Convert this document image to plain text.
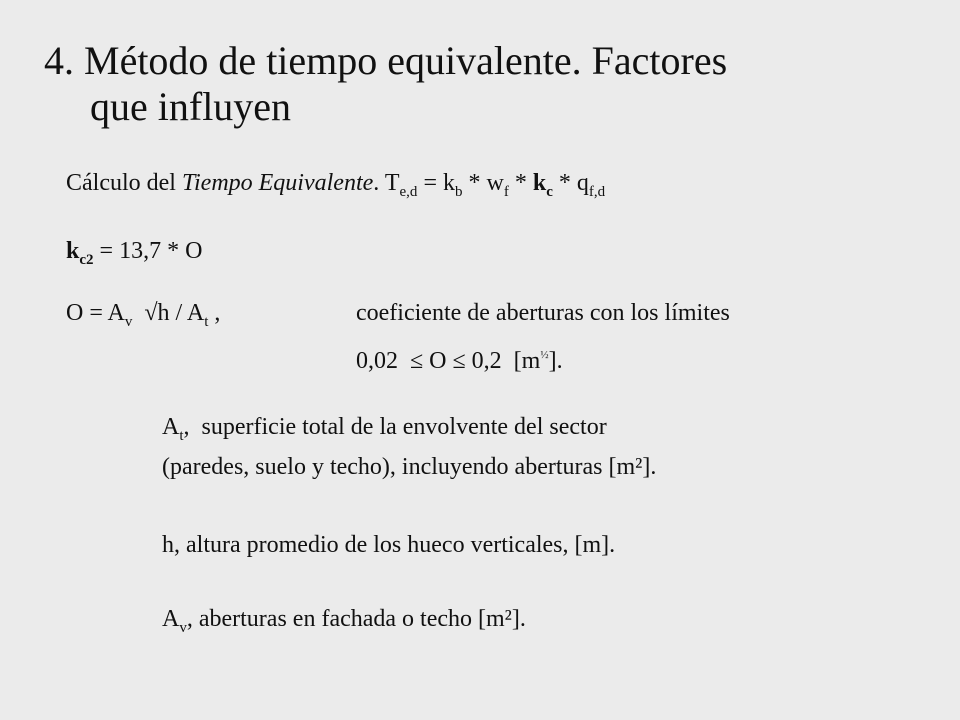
4. Método de tiempo equivalente. Factores
que influyen
Cálculo del Tiempo Equivalente. $T_{e,d} = k_b * w_f * k_c * q_{f,d}$
$k_{c2} = 13,7 * O$
$O = A_v$  $√h / A_t$ ,	coeficiente de aberturas con los límites
0,02  ≤ O ≤ 0,2  $[m^{\frac{1}{2}}]$.
$A_t$,  superficie total de la envolvente del sector
(paredes, suelo y techo), incluyendo aberturas [m²].
h, altura promedio de los hueco verticales, [m].
$A_v$, aberturas en fachada o techo [m²].
